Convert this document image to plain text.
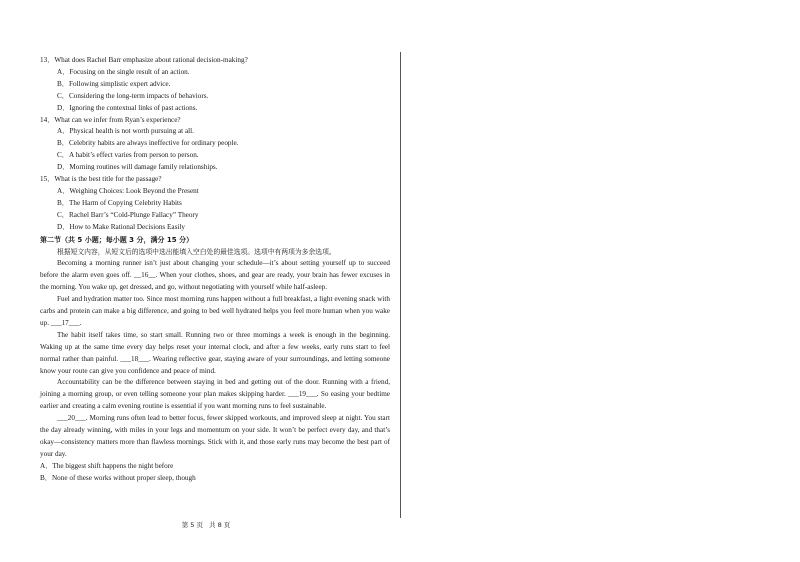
13．What does Rachel Barr emphasize about rational decision-making?
A．Focusing on the single result of an action.
B．Following simplistic expert advice.
C．Considering the long-term impacts of behaviors.
D．Ignoring the contextual links of past actions.
14．What can we infer from Ryan’s experience?
A．Physical health is not worth pursuing at all.
B．Celebrity habits are always ineffective for ordinary people.
C．A habit’s effect varies from person to person.
D．Morning routines will damage family relationships.
15．What is the best title for the passage?
A．Weighing Choices: Look Beyond the Present
B．The Harm of Copying Celebrity Habits
C．Rachel Barr’s “Cold-Plunge Fallacy” Theory
D．How to Make Rational Decisions Easily
第二节（共 5 小题；每小题 3 分，满分 15 分）
根据短文内容，从短文后的选项中选出能填入空白处的最佳选项。选项中有两项为多余选项。
Becoming a morning runner isn’t just about changing your schedule—it’s about setting yourself up to succeed before the alarm even goes off. __16__. When your clothes, shoes, and gear are ready, your brain has fewer excuses in the morning. You wake up, get dressed, and go, without negotiating with yourself while half-asleep.
Fuel and hydration matter too. Since most morning runs happen without a full breakfast, a light evening snack with carbs and protein can make a big difference, and going to bed well hydrated helps you feel more human when you wake up. ___17___.
The habit itself takes time, so start small. Running two or three mornings a week is enough in the beginning. Waking up at the same time every day helps reset your internal clock, and after a few weeks, early runs start to feel normal rather than painful. ___18___. Wearing reflective gear, staying aware of your surroundings, and letting someone know your route can give you confidence and peace of mind.
Accountability can be the difference between staying in bed and getting out of the door. Running with a friend, joining a morning group, or even telling someone your plan makes skipping harder. ___19___. So easing your bedtime earlier and creating a calm evening routine is essential if you want morning runs to feel sustainable.
___20___. Morning runs often lead to better focus, fewer skipped workouts, and improved sleep at night. You start the day already winning, with miles in your legs and momentum on your side. It won’t be perfect every day, and that’s okay—consistency matters more than flawless mornings. Stick with it, and those early runs may become the best part of your day.
A．The biggest shift happens the night before
B．None of these works without proper sleep, though
第 5 页 共 8 页
